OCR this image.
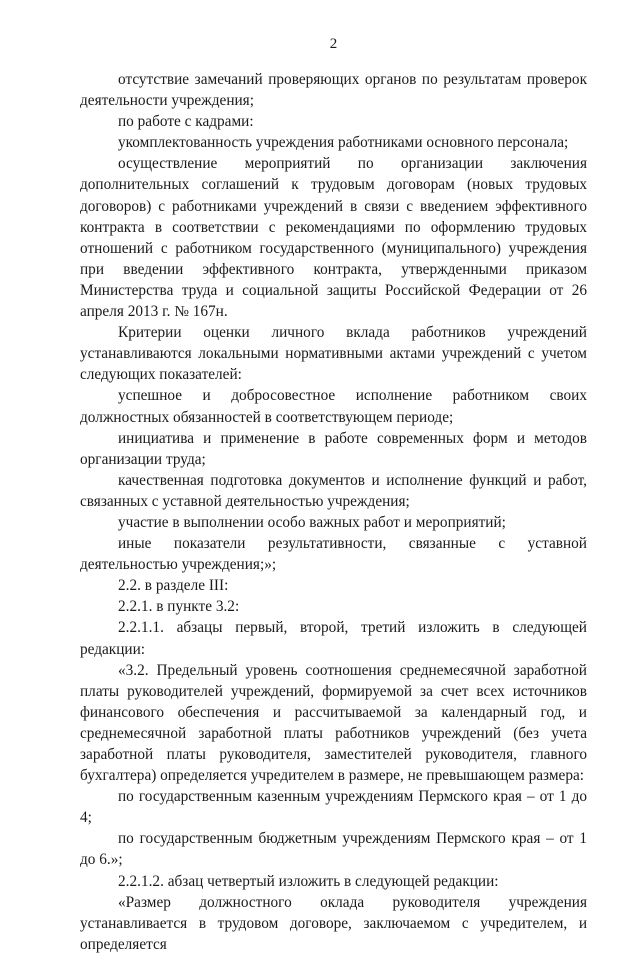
2

отсутствие замечаний проверяющих органов по результатам проверок деятельности учреждения;

по работе с кадрами:

укомплектованность учреждения работниками основного персонала;

осуществление мероприятий по организации заключения дополнительных соглашений к трудовым договорам (новых трудовых договоров) с работниками учреждений в связи с введением эффективного контракта в соответствии с рекомендациями по оформлению трудовых отношений с работником государственного (муниципального) учреждения при введении эффективного контракта, утвержденными приказом Министерства труда и социальной защиты Российской Федерации от 26 апреля 2013 г. № 167н.

Критерии оценки личного вклада работников учреждений устанавливаются локальными нормативными актами учреждений с учетом следующих показателей:

успешное и добросовестное исполнение работником своих должностных обязанностей в соответствующем периоде;

инициатива и применение в работе современных форм и методов организации труда;

качественная подготовка документов и исполнение функций и работ, связанных с уставной деятельностью учреждения;

участие в выполнении особо важных работ и мероприятий;

иные показатели результативности, связанные с уставной деятельностью учреждения;»;

2.2. в разделе III:

2.2.1. в пункте 3.2:

2.2.1.1. абзацы первый, второй, третий изложить в следующей редакции:

«3.2. Предельный уровень соотношения среднемесячной заработной платы руководителей учреждений, формируемой за счет всех источников финансового обеспечения и рассчитываемой за календарный год, и среднемесячной заработной платы работников учреждений (без учета заработной платы руководителя, заместителей руководителя, главного бухгалтера) определяется учредителем в размере, не превышающем размера:

по государственным казенным учреждениям Пермского края – от 1 до 4;

по государственным бюджетным учреждениям Пермского края – от 1 до 6.»;

2.2.1.2. абзац четвертый изложить в следующей редакции:

«Размер должностного оклада руководителя учреждения устанавливается в трудовом договоре, заключаемом с учредителем, и определяется
